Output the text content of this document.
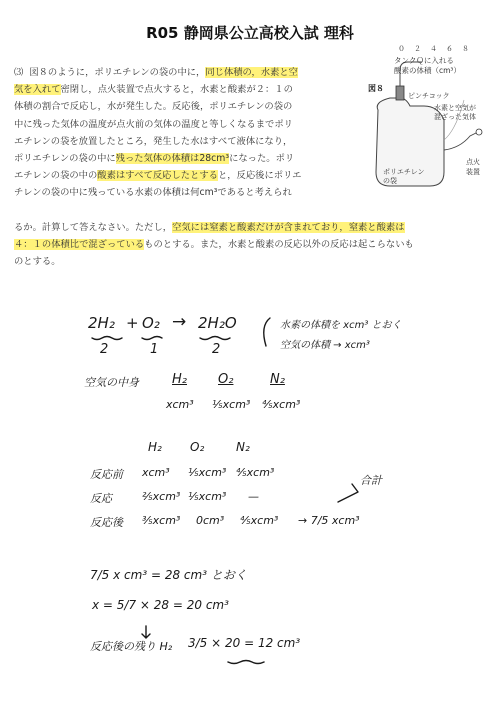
R05 静岡県公立高校入試 理科
⑶ 図８のように，ポリエチレンの袋の中に，同じ体積の，水素と空
気を入れて密閉し，点火装置で点火すると，水素と酸素が２：１の
体積の割合で反応し，水が発生した。反応後，ポリエチレンの袋の
中に残った気体の温度が点火前の気体の温度と等しくなるまでポリ
エチレンの袋を放置したところ，発生した水はすべて液体になり，
ポリエチレンの袋の中に残った気体の体積は28cm³になった。ポリ
エチレンの袋の中の酸素はすべて反応したとすると，反応後にポリエ
チレンの袋の中に残っている水素の体積は何cm³であると考えられ
るか。計算して答えなさい。ただし，空気には窒素と酸素だけが含まれており，窒素と酸素は
４：１の体積比で混ざっているものとする。また，水素と酸素の反応以外の反応は起こらないも
のとする。
０　２　４　６　８
タンクＱに入れる
酸素の体積（cm³）
図８
ピンチコック
水素と空気が
混ざった気体
ポリエチレン
の袋
点火
装置
2H₂ + O₂ → 2H₂O
2	1	2
水素の体積を xcm³ とおく
空気の体積 → xcm³
空気の中身	H₂ O₂	N₂
xcm³ ⅕xcm³ ⅘xcm³
H₂ O₂	N₂
反応前 xcm³ ⅕xcm³ ⅘xcm³
合計
反応	⅖xcm³ ⅕xcm³ —
反応後 ⅗xcm³ 0cm³ ⅘xcm³ → 7/5 xcm³
7/5 x cm³ = 28 cm³ とおく
x = 5/7 × 28 = 20 cm³
反応後の残り H₂ 3/5 × 20 = 12 cm³
